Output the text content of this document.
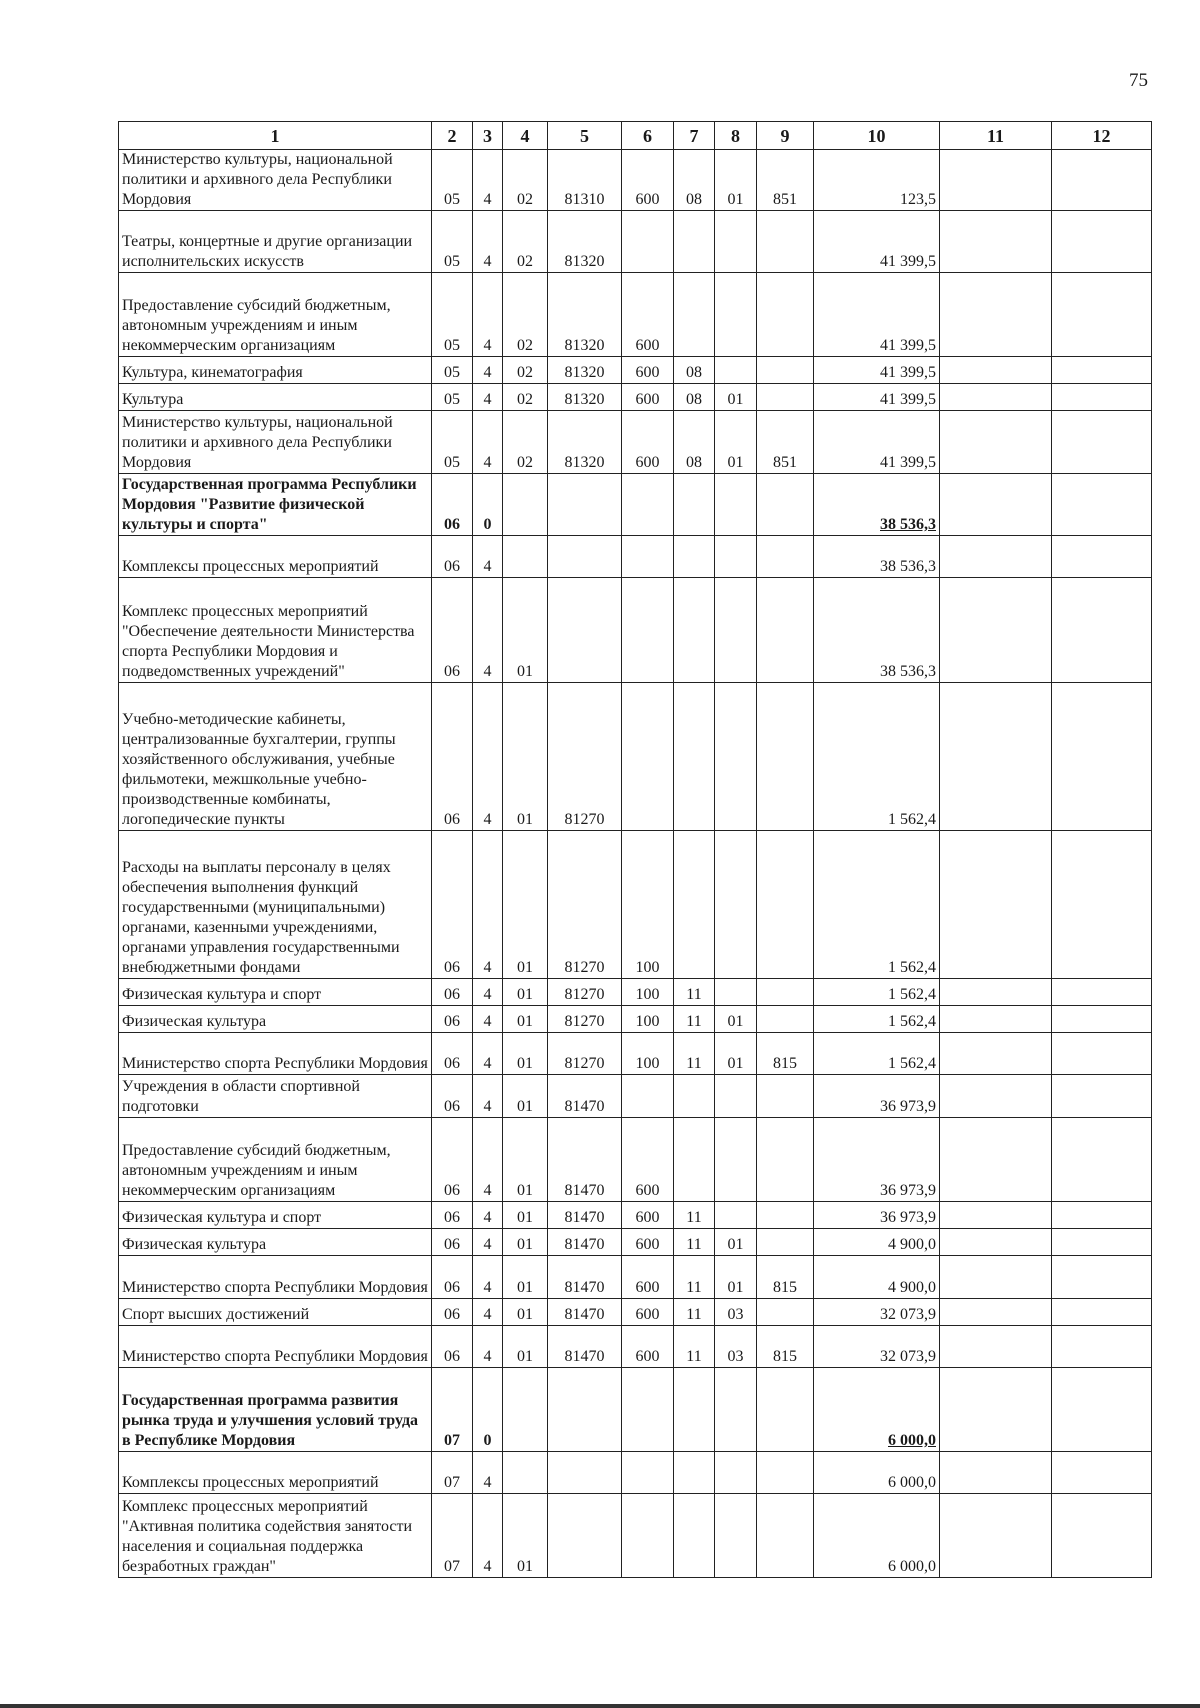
75
1	2	3	4	5	6	7	8	9	10	11	12
Министерство культуры, национальной политики и архивного дела Республики Мордовия	05	4	02	81310	600	08	01	851	123,5		
Театры, концертные и другие организации исполнительских искусств	05	4	02	81320					41 399,5		
Предоставление субсидий бюджетным, автономным учреждениям и иным некоммерческим организациям	05	4	02	81320	600				41 399,5		
Культура, кинематография	05	4	02	81320	600	08			41 399,5		
Культура	05	4	02	81320	600	08	01		41 399,5		
Министерство культуры, национальной политики и архивного дела Республики Мордовия	05	4	02	81320	600	08	01	851	41 399,5		
Государственная программа Республики Мордовия "Развитие физической культуры и спорта"	06	0							38 536,3		
Комплексы процессных мероприятий	06	4							38 536,3		
Комплекс процессных мероприятий "Обеспечение деятельности Министерства спорта Республики Мордовия и подведомственных учреждений"	06	4	01						38 536,3		
Учебно-методические кабинеты, централизованные бухгалтерии, группы хозяйственного обслуживания, учебные фильмотеки, межшкольные учебно-производственные комбинаты, логопедические пункты	06	4	01	81270					1 562,4		
Расходы на выплаты персоналу в целях обеспечения выполнения функций государственными (муниципальными) органами, казенными учреждениями, органами управления государственными внебюджетными фондами	06	4	01	81270	100				1 562,4		
Физическая культура и спорт	06	4	01	81270	100	11			1 562,4		
Физическая культура	06	4	01	81270	100	11	01		1 562,4		
Министерство спорта Республики Мордовия	06	4	01	81270	100	11	01	815	1 562,4		
Учреждения в области спортивной подготовки	06	4	01	81470					36 973,9		
Предоставление субсидий бюджетным, автономным учреждениям и иным некоммерческим организациям	06	4	01	81470	600				36 973,9		
Физическая культура и спорт	06	4	01	81470	600	11			36 973,9		
Физическая культура	06	4	01	81470	600	11	01		4 900,0		
Министерство спорта Республики Мордовия	06	4	01	81470	600	11	01	815	4 900,0		
Спорт высших достижений	06	4	01	81470	600	11	03		32 073,9		
Министерство спорта Республики Мордовия	06	4	01	81470	600	11	03	815	32 073,9		
Государственная программа развития рынка труда и улучшения условий труда в Республике Мордовия	07	0							6 000,0		
Комплексы процессных мероприятий	07	4							6 000,0		
Комплекс процессных мероприятий "Активная политика содействия занятости населения и социальная поддержка безработных граждан"	07	4	01						6 000,0		
